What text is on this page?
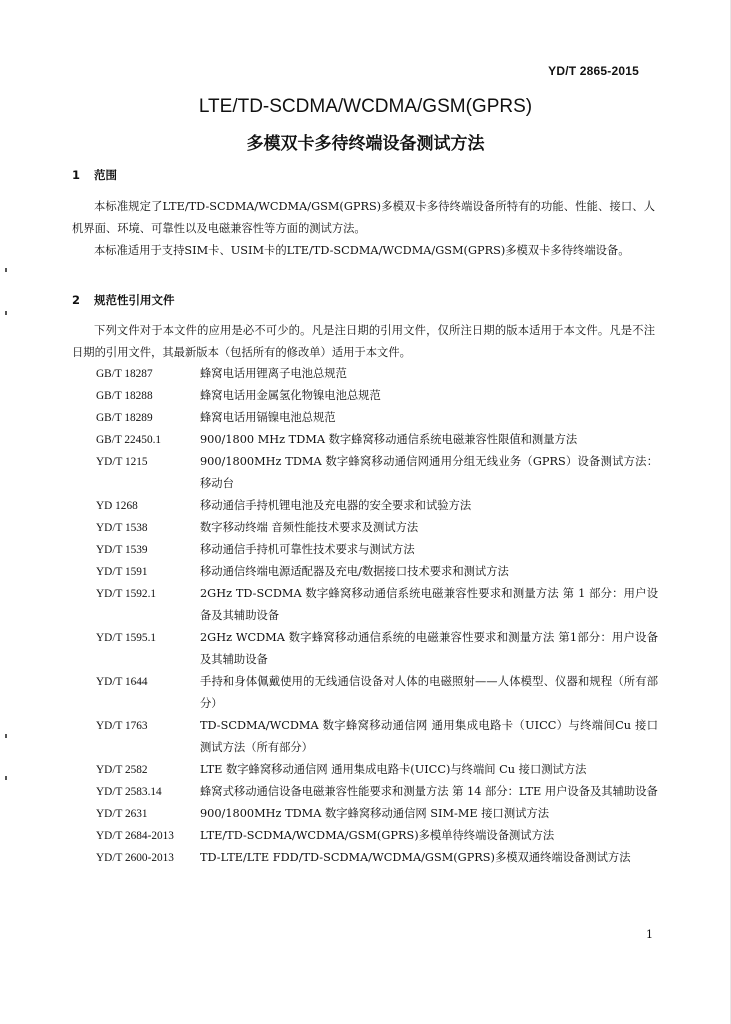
YD/T 2865-2015
LTE/TD-SCDMA/WCDMA/GSM(GPRS)
多模双卡多待终端设备测试方法
1 范围
本标准规定了LTE/TD-SCDMA/WCDMA/GSM(GPRS)多模双卡多待终端设备所特有的功能、性能、接口、人机界面、环境、可靠性以及电磁兼容性等方面的测试方法。
本标准适用于支持SIM卡、USIM卡的LTE/TD-SCDMA/WCDMA/GSM(GPRS)多模双卡多待终端设备。
2 规范性引用文件
下列文件对于本文件的应用是必不可少的。凡是注日期的引用文件，仅所注日期的版本适用于本文件。凡是不注日期的引用文件，其最新版本（包括所有的修改单）适用于本文件。
GB/T 18287	蜂窝电话用锂离子电池总规范
GB/T 18288	蜂窝电话用金属氢化物镍电池总规范
GB/T 18289	蜂窝电话用镉镍电池总规范
GB/T 22450.1	900/1800 MHz TDMA 数字蜂窝移动通信系统电磁兼容性限值和测量方法
YD/T 1215	900/1800MHz TDMA 数字蜂窝移动通信网通用分组无线业务（GPRS）设备测试方法：移动台
YD 1268	移动通信手持机锂电池及充电器的安全要求和试验方法
YD/T 1538	数字移动终端 音频性能技术要求及测试方法
YD/T 1539	移动通信手持机可靠性技术要求与测试方法
YD/T 1591	移动通信终端电源适配器及充电/数据接口技术要求和测试方法
YD/T 1592.1	2GHz TD-SCDMA 数字蜂窝移动通信系统电磁兼容性要求和测量方法 第 1 部分：用户设备及其辅助设备
YD/T 1595.1	2GHz WCDMA 数字蜂窝移动通信系统的电磁兼容性要求和测量方法 第1部分：用户设备及其辅助设备
YD/T 1644	手持和身体佩戴使用的无线通信设备对人体的电磁照射——人体模型、仪器和规程（所有部分）
YD/T 1763	TD-SCDMA/WCDMA 数字蜂窝移动通信网 通用集成电路卡（UICC）与终端间Cu 接口测试方法（所有部分）
YD/T 2582	LTE 数字蜂窝移动通信网 通用集成电路卡(UICC)与终端间 Cu 接口测试方法
YD/T 2583.14	蜂窝式移动通信设备电磁兼容性能要求和测量方法 第 14 部分：LTE 用户设备及其辅助设备
YD/T 2631	900/1800MHz TDMA 数字蜂窝移动通信网 SIM-ME 接口测试方法
YD/T 2684-2013	LTE/TD-SCDMA/WCDMA/GSM(GPRS)多模单待终端设备测试方法
YD/T 2600-2013	TD-LTE/LTE FDD/TD-SCDMA/WCDMA/GSM(GPRS)多模双通终端设备测试方法
1
